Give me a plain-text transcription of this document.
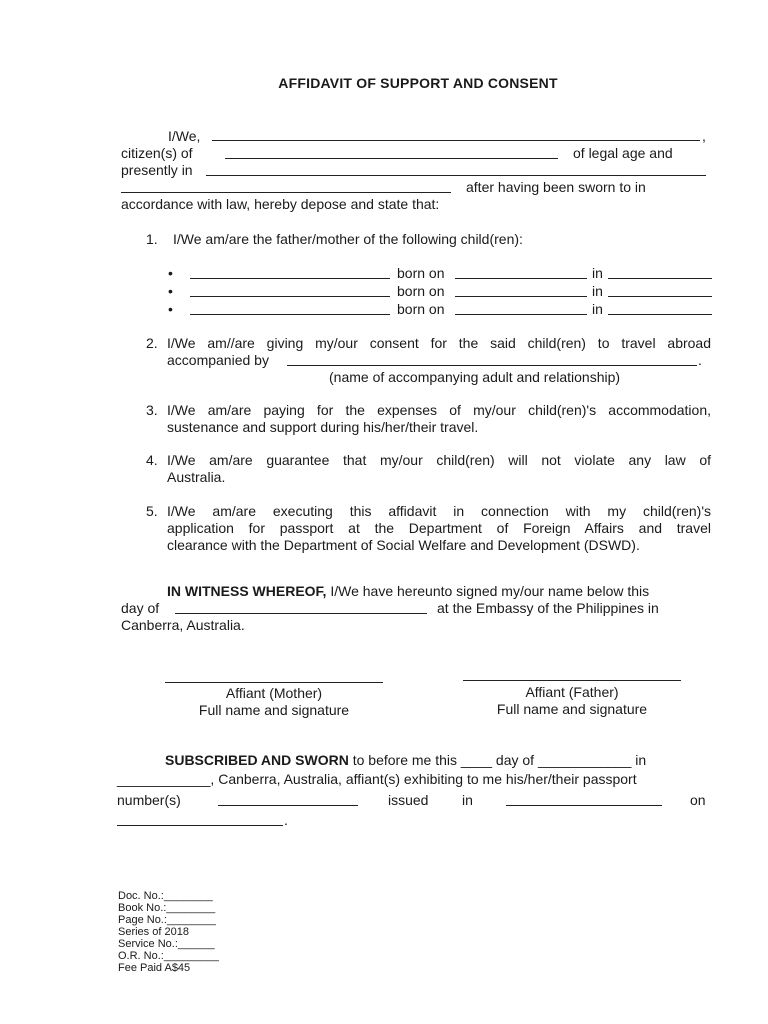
AFFIDAVIT OF SUPPORT AND CONSENT
I/We,	,
citizen(s) of	of legal age and
presently in
after having been sworn to in
accordance with law, hereby depose and state that:
1. I/We am/are the father/mother of the following child(ren):
•	born on	in
•	born on	in
•	born on	in
2. I/We am//are giving my/our consent for the said child(ren) to travel abroad
accompanied by	.
(name of accompanying adult and relationship)
3. I/We am/are paying for the expenses of my/our child(ren)'s accommodation,
sustenance and support during his/her/their travel.
4. I/We am/are guarantee that my/our child(ren) will not violate any law of
Australia.
5. I/We am/are executing this affidavit in connection with my child(ren)'s
application for passport at the Department of Foreign Affairs and travel
clearance with the Department of Social Welfare and Development (DSWD).
IN WITNESS WHEREOF, I/We have hereunto signed my/our name below this
day of	at the Embassy of the Philippines in
Canberra, Australia.
Affiant (Mother)
Full name and signature
Affiant (Father)
Full name and signature
SUBSCRIBED AND SWORN to before me this ____ day of ____________ in
____________, Canberra, Australia, affiant(s) exhibiting to me his/her/their passport
number(s)	issued in	on
.
Doc. No.:________
Book No.:________
Page No.:________
Series of 2018
Service No.:______
O.R. No.:_________
Fee Paid A$45
